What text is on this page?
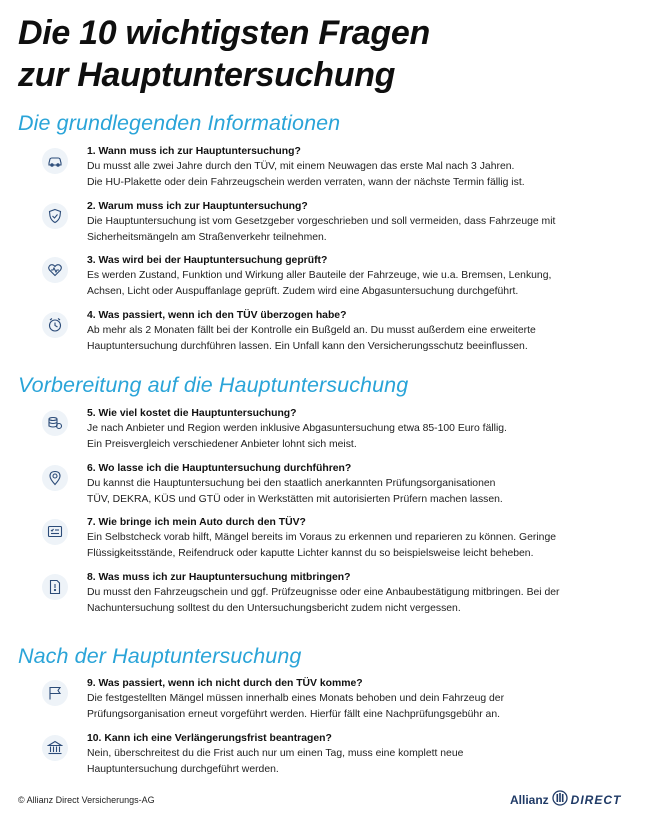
Die 10 wichtigsten Fragen
zur Hauptuntersuchung
Die grundlegenden Informationen
1. Wann muss ich zur Hauptuntersuchung?
Du musst alle zwei Jahre durch den TÜV, mit einem Neuwagen das erste Mal nach 3 Jahren.
Die HU-Plakette oder dein Fahrzeugschein werden verraten, wann der nächste Termin fällig ist.
2. Warum muss ich zur Hauptuntersuchung?
Die Hauptuntersuchung ist vom Gesetzgeber vorgeschrieben und soll vermeiden, dass Fahrzeuge mit
Sicherheitsmängeln am Straßenverkehr teilnehmen.
3. Was wird bei der Hauptuntersuchung geprüft?
Es werden Zustand, Funktion und Wirkung aller Bauteile der Fahrzeuge, wie u.a. Bremsen, Lenkung,
Achsen, Licht oder Auspuffanlage geprüft. Zudem wird eine Abgasuntersuchung durchgeführt.
4. Was passiert, wenn ich den TÜV überzogen habe?
Ab mehr als 2 Monaten fällt bei der Kontrolle ein Bußgeld an. Du musst außerdem eine erweiterte
Hauptuntersuchung durchführen lassen. Ein Unfall kann den Versicherungsschutz beeinflussen.
Vorbereitung auf die Hauptuntersuchung
5. Wie viel kostet die Hauptuntersuchung?
Je nach Anbieter und Region werden inklusive Abgasuntersuchung etwa 85-100 Euro fällig.
Ein Preisvergleich verschiedener Anbieter lohnt sich meist.
6. Wo lasse ich die Hauptuntersuchung durchführen?
Du kannst die Hauptuntersuchung bei den staatlich anerkannten Prüfungsorganisationen
TÜV, DEKRA, KÜS und GTÜ oder in Werkstätten mit autorisierten Prüfern machen lassen.
7. Wie bringe ich mein Auto durch den TÜV?
Ein Selbstcheck vorab hilft, Mängel bereits im Voraus zu erkennen und reparieren zu können. Geringe
Flüssigkeitsstände, Reifendruck oder kaputte Lichter kannst du so beispielsweise leicht beheben.
8. Was muss ich zur Hauptuntersuchung mitbringen?
Du musst den Fahrzeugschein und ggf. Prüfzeugnisse oder eine Anbaubestätigung mitbringen. Bei der
Nachuntersuchung solltest du den Untersuchungsbericht zudem nicht vergessen.
Nach der Hauptuntersuchung
9. Was passiert, wenn ich nicht durch den TÜV komme?
Die festgestellten Mängel müssen innerhalb eines Monats behoben und dein Fahrzeug der
Prüfungsorganisation erneut vorgeführt werden. Hierfür fällt eine Nachprüfungsgebühr an.
10. Kann ich eine Verlängerungsfrist beantragen?
Nein, überschreitest du die Frist auch nur um einen Tag, muss eine komplett neue
Hauptuntersuchung durchgeführt werden.
© Allianz Direct Versicherungs-AG	Allianz DIRECT
